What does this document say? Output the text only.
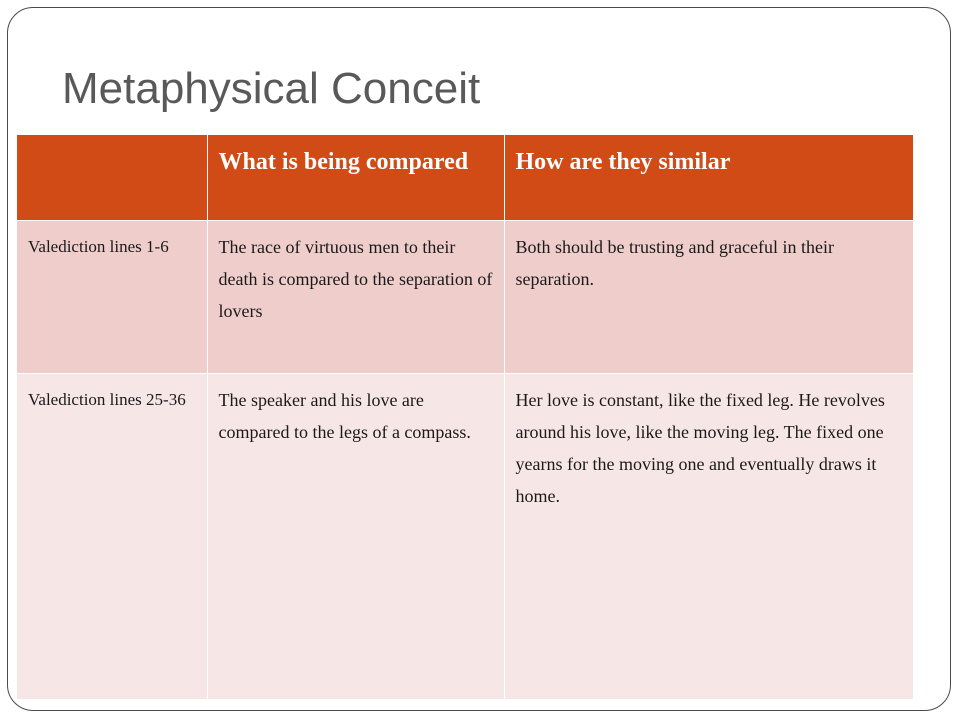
Metaphysical Conceit
	What is being compared	How are they similar
Valediction lines 1-6	The race of virtuous men to their death is compared to the separation of lovers	Both should be trusting and graceful in their separation.
Valediction lines 25-36	The speaker and his love are compared to the legs of a compass.	Her love is constant, like the fixed leg. He revolves around his love, like the moving leg. The fixed one yearns for the moving one and eventually draws it home.
